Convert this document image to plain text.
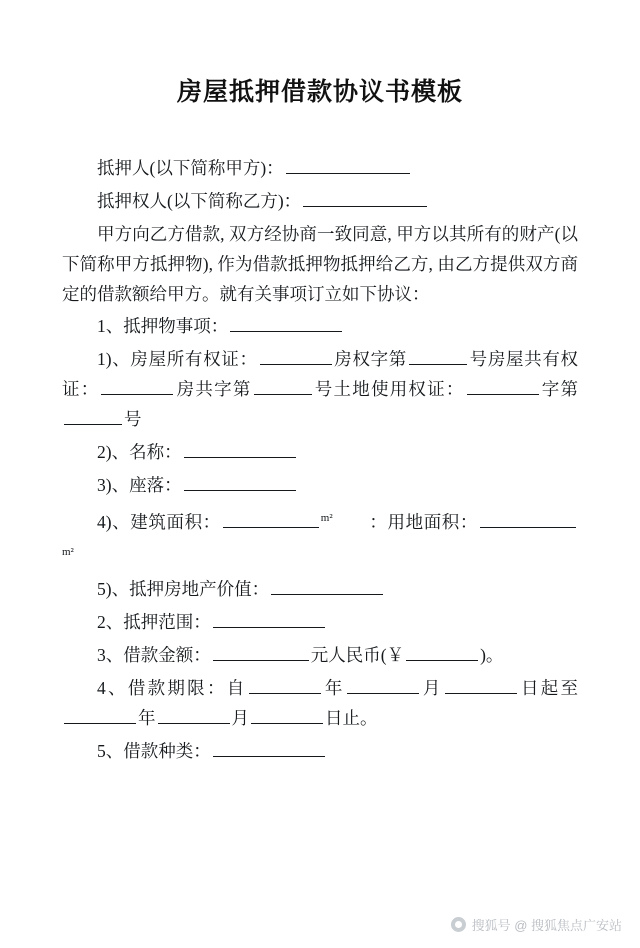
房屋抵押借款协议书模板

抵押人(以下简称甲方)：

抵押权人(以下简称乙方)：

甲方向乙方借款, 双方经协商一致同意, 甲方以其所有的财产(以下简称甲方抵押物), 作为借款抵押物抵押给乙方, 由乙方提供双方商定的借款额给甲方。就有关事项订立如下协议：

1、抵押物事项：

1)、房屋所有权证：	房权字第	号房屋共有权证：	房共字第	号土地使用权证：	字第号

2)、名称：

3)、座落：

4)、建筑面积：	$^{m^2}$　　：用地面积：$^{m^2}$

5)、抵押房地产价值：

2、抵押范围：

3、借款金额：	元人民币(￥	)。

4、借款期限：自	年	月	日起至年	月	日止。

5、借款种类：

搜狐号 @ 搜狐焦点广安站
